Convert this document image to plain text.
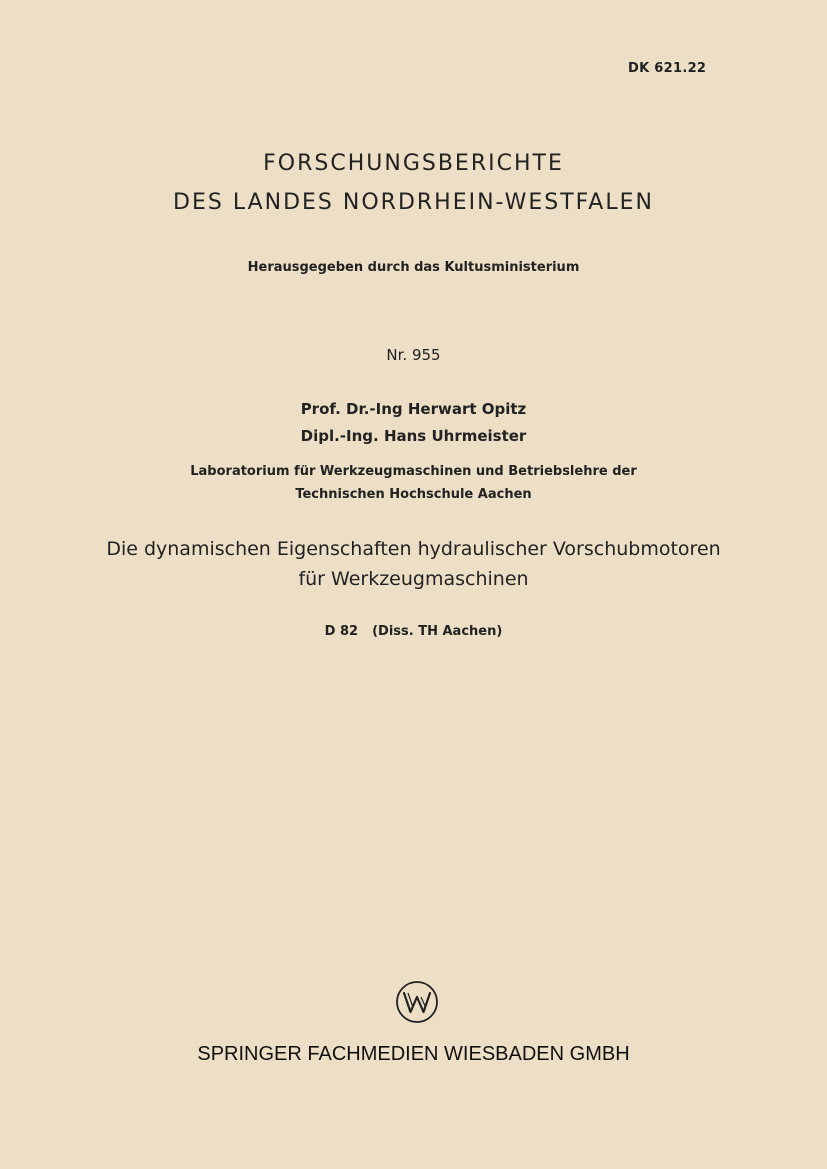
DK 621.22
FORSCHUNGSBERICHTE
DES LANDES NORDRHEIN-WESTFALEN
Herausgegeben durch das Kultusministerium
Nr. 955
Prof. Dr.-Ing Herwart Opitz
Dipl.-Ing. Hans Uhrmeister
Laboratorium für Werkzeugmaschinen und Betriebslehre der
Technischen Hochschule Aachen
Die dynamischen Eigenschaften hydraulischer Vorschubmotoren
für Werkzeugmaschinen
D 82 (Diss. TH Aachen)
SPRINGER FACHMEDIEN WIESBADEN GMBH
